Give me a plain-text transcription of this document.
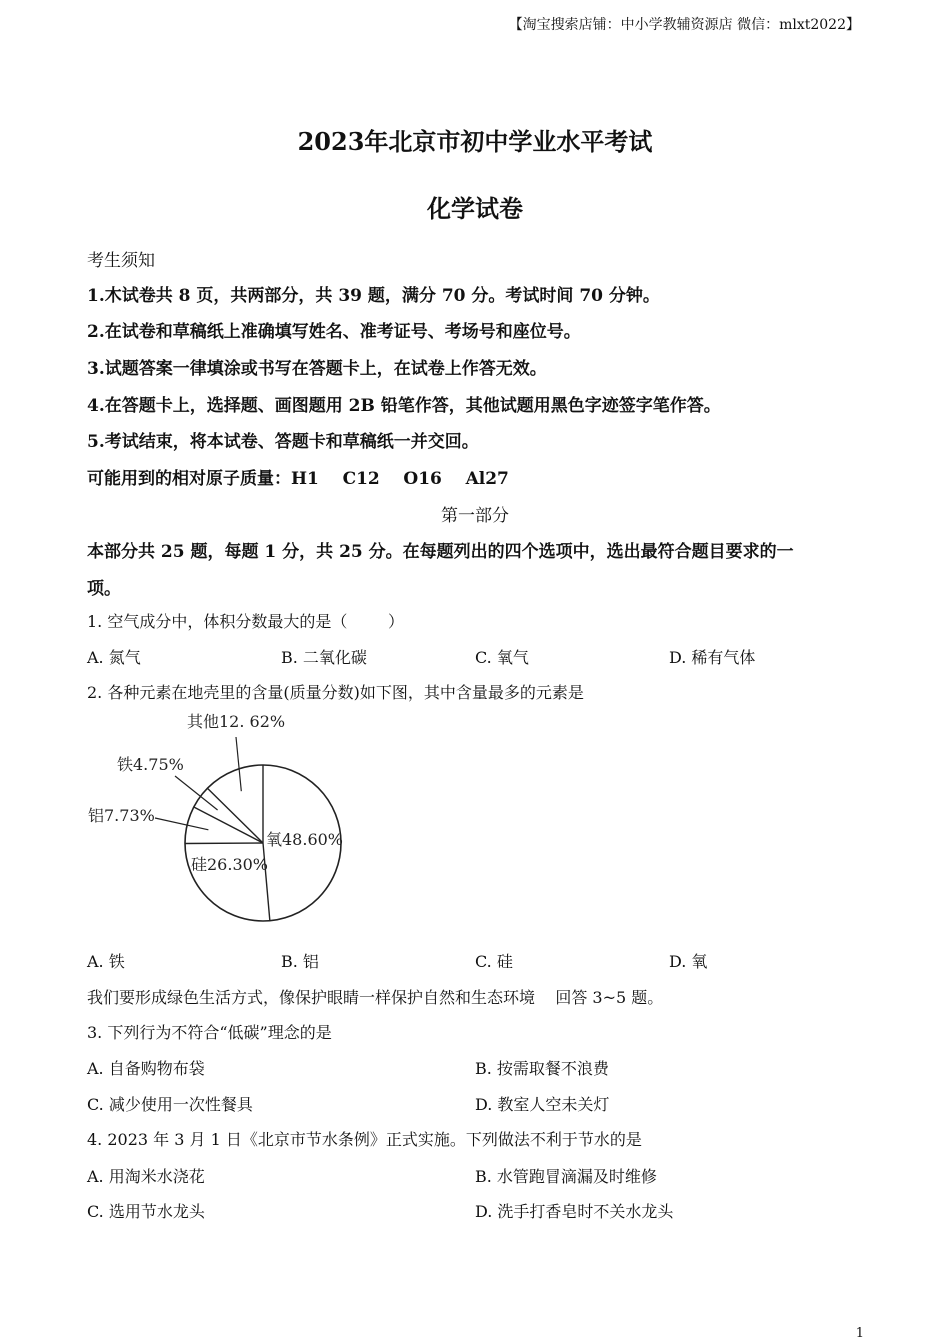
【淘宝搜索店铺：中小学教辅资源店 微信：mlxt2022】
2023年北京市初中学业水平考试
化学试卷
考生须知
1.木试卷共 8 页，共两部分，共 39 题，满分 70 分。考试时间 70 分钟。
2.在试卷和草稿纸上准确填写姓名、准考证号、考场号和座位号。
3.试题答案一律填涂或书写在答题卡上，在试卷上作答无效。
4.在答题卡上，选择题、画图题用 2B 铅笔作答，其他试题用黑色字迹签字笔作答。
5.考试结束，将本试卷、答题卡和草稿纸一并交回。
可能用到的相对原子质量：H1    C12    O16    Al27
第一部分
本部分共 25 题，每题 1 分，共 25 分。在每题列出的四个选项中，选出最符合题目要求的一
项。
1. 空气成分中，体积分数最大的是（        ）
A. 氮气	B. 二氧化碳	C. 氧气	D. 稀有气体
2. 各种元素在地壳里的含量(质量分数)如下图，其中含量最多的元素是
氧48.60%
硅26.30%
铝7.73%
铁4.75%
其他12. 62%
A. 铁	B. 铝	C. 硅	D. 氧
我们要形成绿色生活方式，像保护眼睛一样保护自然和生态环境    回答 3~5 题。
3. 下列行为不符合“低碳”理念的是
A. 自备购物布袋	B. 按需取餐不浪费
C. 减少使用一次性餐具	D. 教室人空未关灯
4. 2023 年 3 月 1 日《北京市节水条例》正式实施。下列做法不利于节水的是
A. 用淘米水浇花	B. 水管跑冒滴漏及时维修
C. 选用节水龙头	D. 洗手打香皂时不关水龙头
1
